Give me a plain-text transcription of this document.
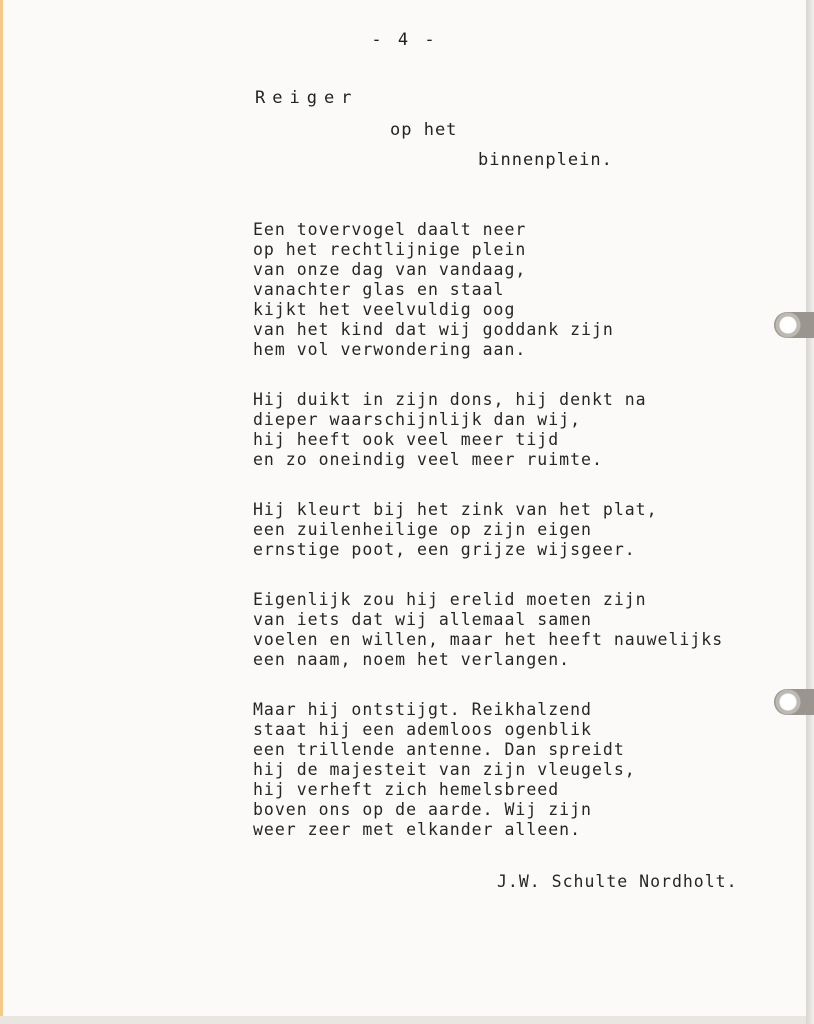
- 4 -
Reiger
op het
binnenplein.
Een tovervogel daalt neer
op het rechtlijnige plein
van onze dag van vandaag,
vanachter glas en staal
kijkt het veelvuldig oog
van het kind dat wij goddank zijn
hem vol verwondering aan.
Hij duikt in zijn dons, hij denkt na
dieper waarschijnlijk dan wij,
hij heeft ook veel meer tijd
en zo oneindig veel meer ruimte.
Hij kleurt bij het zink van het plat,
een zuilenheilige op zijn eigen
ernstige poot, een grijze wijsgeer.
Eigenlijk zou hij erelid moeten zijn
van iets dat wij allemaal samen
voelen en willen, maar het heeft nauwelijks
een naam, noem het verlangen.
Maar hij ontstijgt. Reikhalzend
staat hij een ademloos ogenblik
een trillende antenne. Dan spreidt
hij de majesteit van zijn vleugels,
hij verheft zich hemelsbreed
boven ons op de aarde. Wij zijn
weer zeer met elkander alleen.
J.W. Schulte Nordholt.
